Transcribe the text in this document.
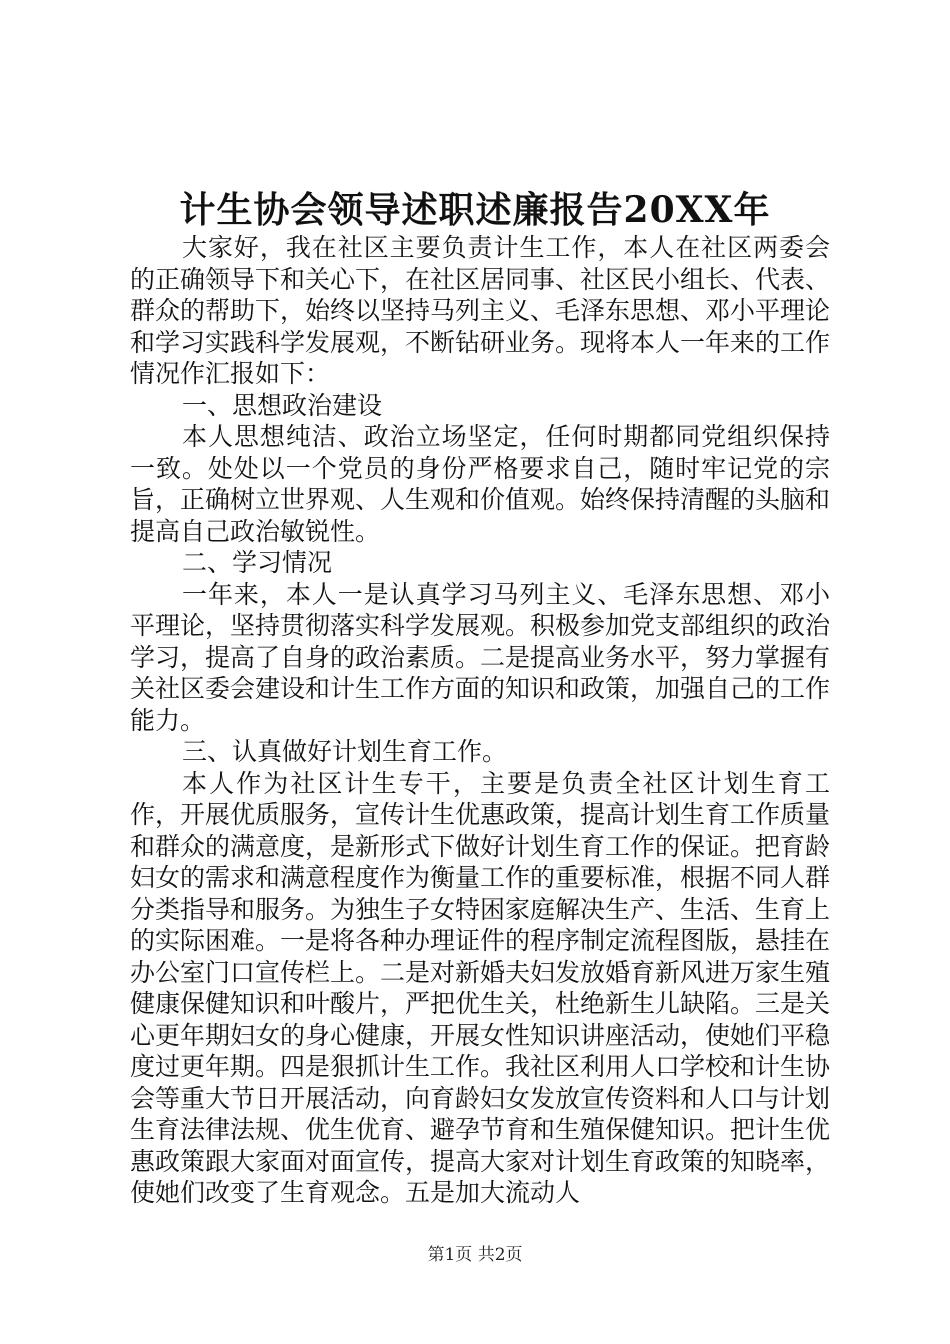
计生协会领导述职述廉报告20XX年

大家好，我在社区主要负责计生工作，本人在社区两委会的正确领导下和关心下，在社区居同事、社区民小组长、代表、群众的帮助下，始终以坚持马列主义、毛泽东思想、邓小平理论和学习实践科学发展观，不断钻研业务。现将本人一年来的工作情况作汇报如下：

一、思想政治建设

本人思想纯洁、政治立场坚定，任何时期都同党组织保持一致。处处以一个党员的身份严格要求自己，随时牢记党的宗旨，正确树立世界观、人生观和价值观。始终保持清醒的头脑和提高自己政治敏锐性。

二、学习情况

一年来，本人一是认真学习马列主义、毛泽东思想、邓小平理论，坚持贯彻落实科学发展观。积极参加党支部组织的政治学习，提高了自身的政治素质。二是提高业务水平，努力掌握有关社区委会建设和计生工作方面的知识和政策，加强自己的工作能力。

三、认真做好计划生育工作。

本人作为社区计生专干，主要是负责全社区计划生育工作，开展优质服务，宣传计生优惠政策，提高计划生育工作质量和群众的满意度，是新形式下做好计划生育工作的保证。把育龄妇女的需求和满意程度作为衡量工作的重要标准，根据不同人群分类指导和服务。为独生子女特困家庭解决生产、生活、生育上的实际困难。一是将各种办理证件的程序制定流程图版，悬挂在办公室门口宣传栏上。二是对新婚夫妇发放婚育新风进万家生殖健康保健知识和叶酸片，严把优生关，杜绝新生儿缺陷。三是关心更年期妇女的身心健康，开展女性知识讲座活动，使她们平稳度过更年期。四是狠抓计生工作。我社区利用人口学校和计生协会等重大节日开展活动，向育龄妇女发放宣传资料和人口与计划生育法律法规、优生优育、避孕节育和生殖保健知识。把计生优惠政策跟大家面对面宣传，提高大家对计划生育政策的知晓率，使她们改变了生育观念。五是加大流动人

第1页 共2页
